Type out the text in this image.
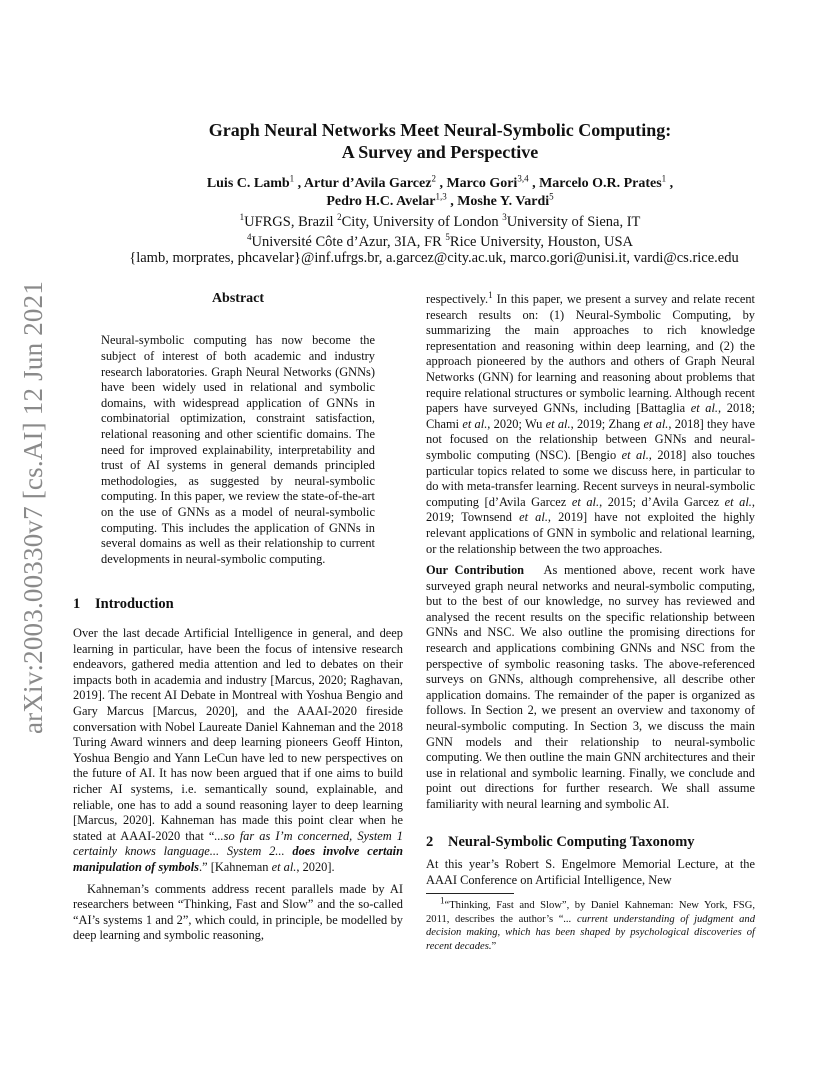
arXiv:2003.00330v7 [cs.AI] 12 Jun 2021

Graph Neural Networks Meet Neural-Symbolic Computing:

A Survey and Perspective

Luis C. Lamb$^1$ , Artur d’Avila Garcez$^2$ , Marco Gori$^{3,4}$ , Marcelo O.R. Prates$^1$ ,
Pedro H.C. Avelar$^{1,3}$ , Moshe Y. Vardi$^5$
$^1$UFRGS, Brazil $^2$City, University of London $^3$University of Siena, IT
$^4$Université Côte d’Azur, 3IA, FR $^5$Rice University, Houston, USA
{lamb, morprates, phcavelar}@inf.ufrgs.br, a.garcez@city.ac.uk, marco.gori@unisi.it, vardi@cs.rice.edu
Abstract

Neural-symbolic computing has now become the subject of interest of both academic and industry research laboratories. Graph Neural Networks (GNNs) have been widely used in relational and symbolic domains, with widespread application of GNNs in combinatorial optimization, constraint satisfaction, relational reasoning and other scientific domains. The need for improved explainability, interpretability and trust of AI systems in general demands principled methodologies, as suggested by neural-symbolic computing. In this paper, we review the state-of-the-art on the use of GNNs as a model of neural-symbolic computing. This includes the application of GNNs in several domains as well as their relationship to current developments in neural-symbolic computing.

1 Introduction

Over the last decade Artificial Intelligence in general, and deep learning in particular, have been the focus of intensive research endeavors, gathered media attention and led to debates on their impacts both in academia and industry [Marcus, 2020; Raghavan, 2019]. The recent AI Debate in Montreal with Yoshua Bengio and Gary Marcus [Marcus, 2020], and the AAAI-2020 fireside conversation with Nobel Laureate Daniel Kahneman and the 2018 Turing Award winners and deep learning pioneers Geoff Hinton, Yoshua Bengio and Yann LeCun have led to new perspectives on the future of AI. It has now been argued that if one aims to build richer AI systems, i.e. semantically sound, explainable, and reliable, one has to add a sound reasoning layer to deep learning [Marcus, 2020]. Kahneman has made this point clear when he stated at AAAI-2020 that “...so far as I’m concerned, System 1 certainly knows language... System 2... does involve certain manipulation of symbols.” [Kahneman et al., 2020].

Kahneman’s comments address recent parallels made by AI researchers between “Thinking, Fast and Slow” and the so-called “AI’s systems 1 and 2”, which could, in principle, be modelled by deep learning and symbolic reasoning,

respectively.$^1$ In this paper, we present a survey and relate recent research results on: (1) Neural-Symbolic Computing, by summarizing the main approaches to rich knowledge representation and reasoning within deep learning, and (2) the approach pioneered by the authors and others of Graph Neural Networks (GNN) for learning and reasoning about problems that require relational structures or symbolic learning. Although recent papers have surveyed GNNs, including [Battaglia et al., 2018; Chami et al., 2020; Wu et al., 2019; Zhang et al., 2018] they have not focused on the relationship between GNNs and neural-symbolic computing (NSC). [Bengio et al., 2018] also touches particular topics related to some we discuss here, in particular to do with meta-transfer learning. Recent surveys in neural-symbolic computing [d’Avila Garcez et al., 2015; d’Avila Garcez et al., 2019; Townsend et al., 2019] have not exploited the highly relevant applications of GNN in symbolic and relational learning, or the relationship between the two approaches.

Our Contribution As mentioned above, recent work have surveyed graph neural networks and neural-symbolic computing, but to the best of our knowledge, no survey has reviewed and analysed the recent results on the specific relationship between GNNs and NSC. We also outline the promising directions for research and applications combining GNNs and NSC from the perspective of symbolic reasoning tasks. The above-referenced surveys on GNNs, although comprehensive, all describe other application domains. The remainder of the paper is organized as follows. In Section 2, we present an overview and taxonomy of neural-symbolic computing. In Section 3, we discuss the main GNN models and their relationship to neural-symbolic computing. We then outline the main GNN architectures and their use in relational and symbolic learning. Finally, we conclude and point out directions for further research. We shall assume familiarity with neural learning and symbolic AI.

2 Neural-Symbolic Computing Taxonomy

At this year’s Robert S. Engelmore Memorial Lecture, at the AAAI Conference on Artificial Intelligence, New

$^1$“Thinking, Fast and Slow”, by Daniel Kahneman: New York, FSG, 2011, describes the author’s “... current understanding of judgment and decision making, which has been shaped by psychological discoveries of recent decades.”
